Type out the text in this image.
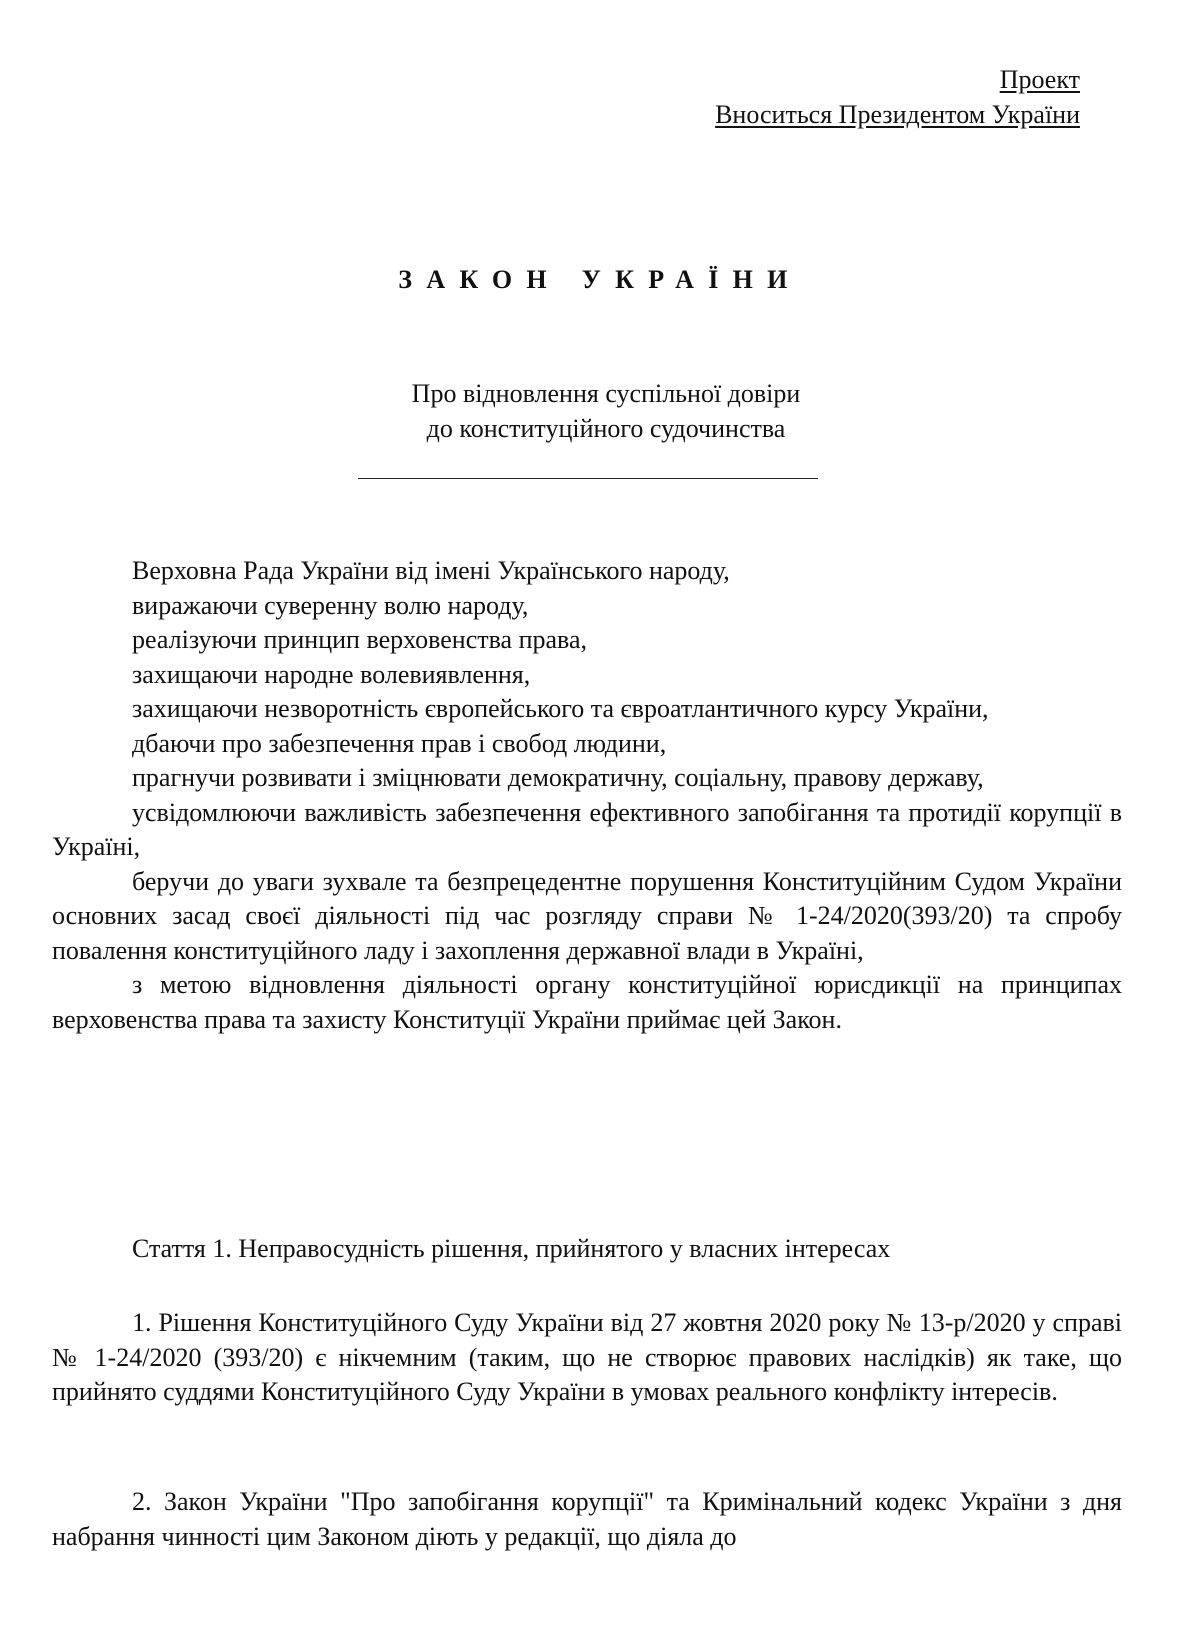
Проект
Вноситься Президентом України
ЗАКОН УКРАЇНИ
Про відновлення суспільної довіри
до конституційного судочинства

Верховна Рада України від імені Українського народу,

виражаючи суверенну волю народу,

реалізуючи принцип верховенства права,

захищаючи народне волевиявлення,

захищаючи незворотність європейського та євроатлантичного курсу України,

дбаючи про забезпечення прав і свобод людини,

прагнучи розвивати і зміцнювати демократичну, соціальну, правову державу,

усвідомлюючи важливість забезпечення ефективного запобігання та протидії корупції в Україні,

беручи до уваги зухвале та безпрецедентне порушення Конституційним Судом України основних засад своєї діяльності під час розгляду справи № 1-24/2020(393/20) та спробу повалення конституційного ладу і захоплення державної влади в Україні,

з метою відновлення діяльності органу конституційної юрисдикції на принципах верховенства права та захисту Конституції України приймає цей Закон.

Стаття 1. Неправосудність рішення, прийнятого у власних інтересах
1. Рішення Конституційного Суду України від 27 жовтня 2020 року № 13-р/2020 у справі № 1-24/2020 (393/20) є нікчемним (таким, що не створює правових наслідків) як таке, що прийнято суддями Конституційного Суду України в умовах реального конфлікту інтересів.
2. Закон України "Про запобігання корупції" та Кримінальний кодекс України з дня набрання чинності цим Законом діють у редакції, що діяла до
